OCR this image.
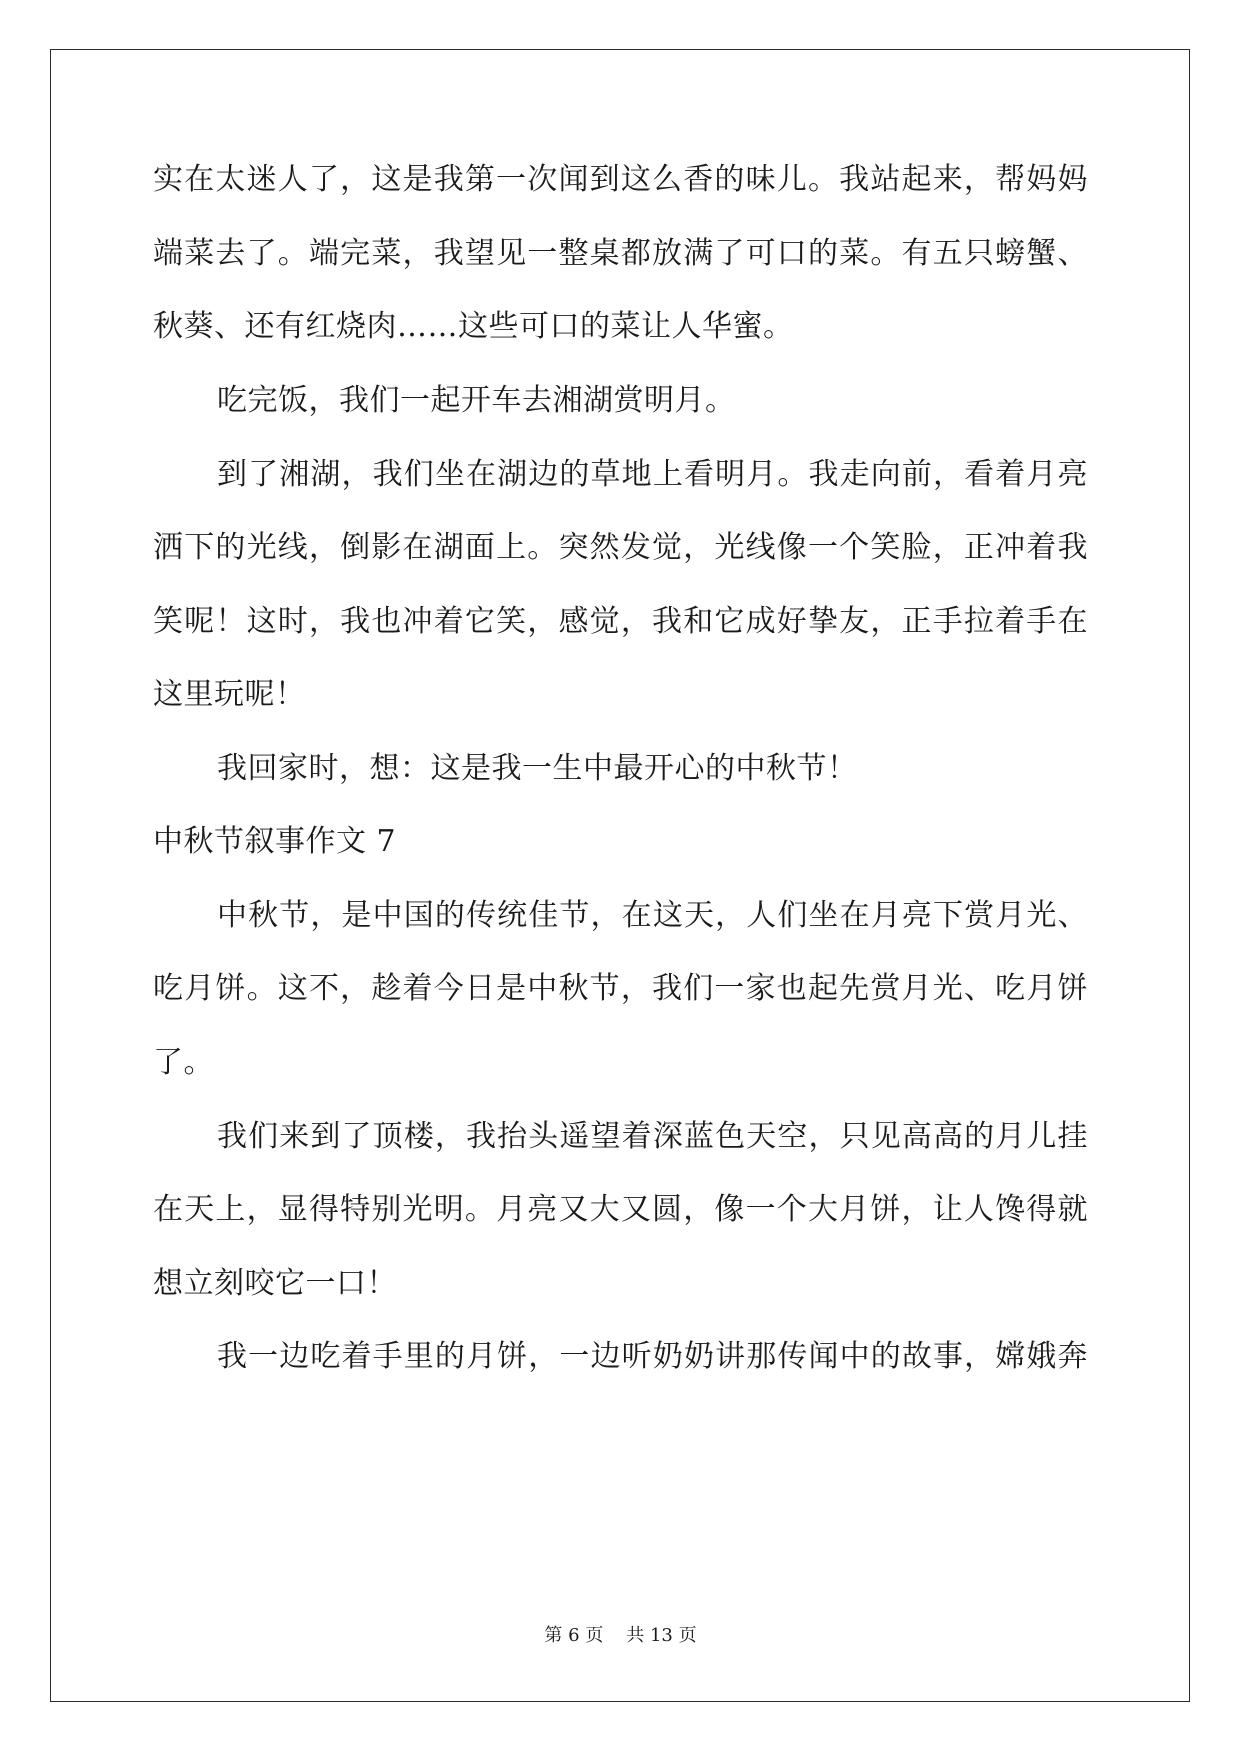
实在太迷人了，这是我第一次闻到这么香的味儿。我站起来，帮妈妈
端菜去了。端完菜，我望见一整桌都放满了可口的菜。有五只螃蟹、
秋葵、还有红烧肉……这些可口的菜让人华蜜。
吃完饭，我们一起开车去湘湖赏明月。
到了湘湖，我们坐在湖边的草地上看明月。我走向前，看着月亮
洒下的光线，倒影在湖面上。突然发觉，光线像一个笑脸，正冲着我
笑呢！这时，我也冲着它笑，感觉，我和它成好挚友，正手拉着手在
这里玩呢！
我回家时，想：这是我一生中最开心的中秋节！
中秋节叙事作文 7
中秋节，是中国的传统佳节，在这天，人们坐在月亮下赏月光、
吃月饼。这不，趁着今日是中秋节，我们一家也起先赏月光、吃月饼
了。
我们来到了顶楼，我抬头遥望着深蓝色天空，只见高高的月儿挂
在天上，显得特别光明。月亮又大又圆，像一个大月饼，让人馋得就
想立刻咬它一口！
我一边吃着手里的月饼，一边听奶奶讲那传闻中的故事，嫦娥奔
第 6 页 共 13 页
